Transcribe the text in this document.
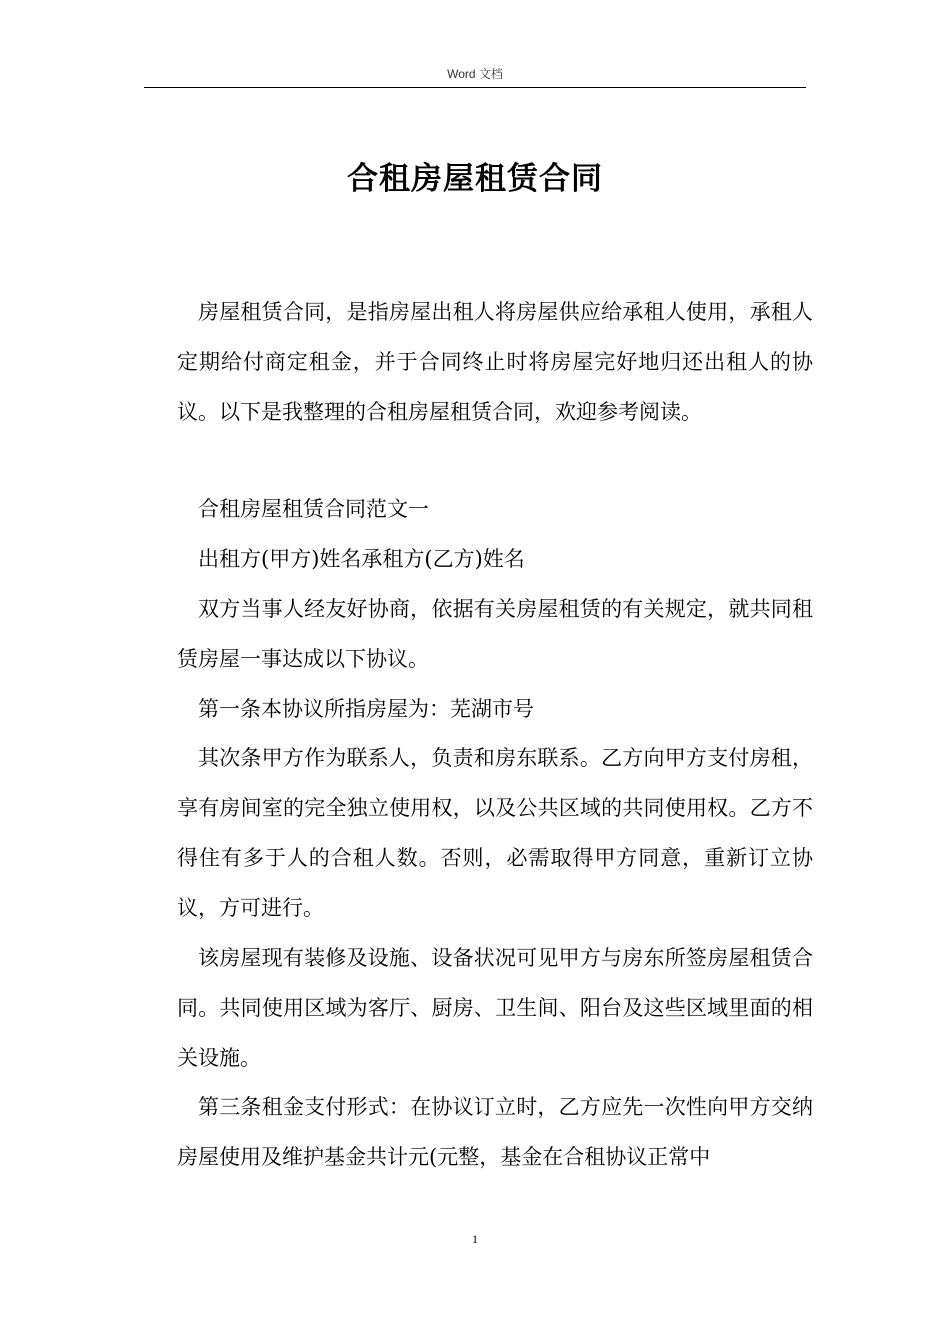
Word 文档
合租房屋租赁合同

房屋租赁合同，是指房屋出租人将房屋供应给承租人使用，承租人定期给付商定租金，并于合同终止时将房屋完好地归还出租人的协议。以下是我整理的合租房屋租赁合同，欢迎参考阅读。

合租房屋租赁合同范文一

出租方(甲方)姓名承租方(乙方)姓名

双方当事人经友好协商，依据有关房屋租赁的有关规定，就共同租赁房屋一事达成以下协议。

第一条本协议所指房屋为：芜湖市号

其次条甲方作为联系人，负责和房东联系。乙方向甲方支付房租，享有房间室的完全独立使用权，以及公共区域的共同使用权。乙方不得住有多于人的合租人数。否则，必需取得甲方同意，重新订立协议，方可进行。

该房屋现有装修及设施、设备状况可见甲方与房东所签房屋租赁合同。共同使用区域为客厅、厨房、卫生间、阳台及这些区域里面的相关设施。

第三条租金支付形式：在协议订立时，乙方应先一次性向甲方交纳房屋使用及维护基金共计元(元整，基金在合租协议正常中

1
